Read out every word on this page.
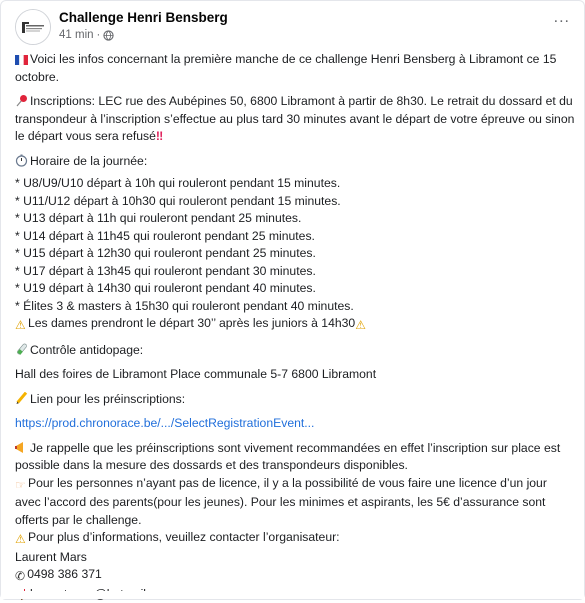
Challenge Henri Bensberg
41 min ·
...

Voici les infos concernant la première manche de ce challenge Henri Bensberg à Libramont ce 15 octobre.

Inscriptions: LEC rue des Aubépines 50, 6800 Libramont à partir de 8h30. Le retrait du dossard et du transpondeur à l’inscription s’effectue au plus tard 30 minutes avant le départ de votre épreuve ou sinon le départ vous sera refusé‼

Horaire de la journée:

* U8/U9/U10 départ à 10h qui rouleront pendant 15 minutes.

* U11/U12 départ à 10h30 qui rouleront pendant 15 minutes.

* U13 départ à 11h qui rouleront pendant 25 minutes.

* U14 départ à 11h45 qui rouleront pendant 25 minutes.

* U15 départ à 12h30 qui rouleront pendant 25 minutes.

* U17 départ à 13h45 qui rouleront pendant 30 minutes.

* U19 départ à 14h30 qui rouleront pendant 40 minutes.

* Élites 3 & masters à 15h30 qui rouleront pendant 40 minutes.

⚠ Les dames prendront le départ 30’’ après les juniors à 14h30⚠

Contrôle antidopage:

Hall des foires de Libramont Place communale 5-7 6800 Libramont

Lien pour les préinscriptions:

https://prod.chronorace.be/.../SelectRegistrationEvent...

Je rappelle que les préinscriptions sont vivement recommandées en effet l’inscription sur place est possible dans la mesure des dossards et des transpondeurs disponibles.

☞ Pour les personnes n’ayant pas de licence, il y a la possibilité de vous faire une licence d’un jour avec l’accord des parents(pour les jeunes). Pour les minimes et aspirants, les 5€ d’assurance sont offerts par le challenge.

⚠ Pour plus d’informations, veuillez contacter l’organisateur:

Laurent Mars

✆ 0498 386 371
